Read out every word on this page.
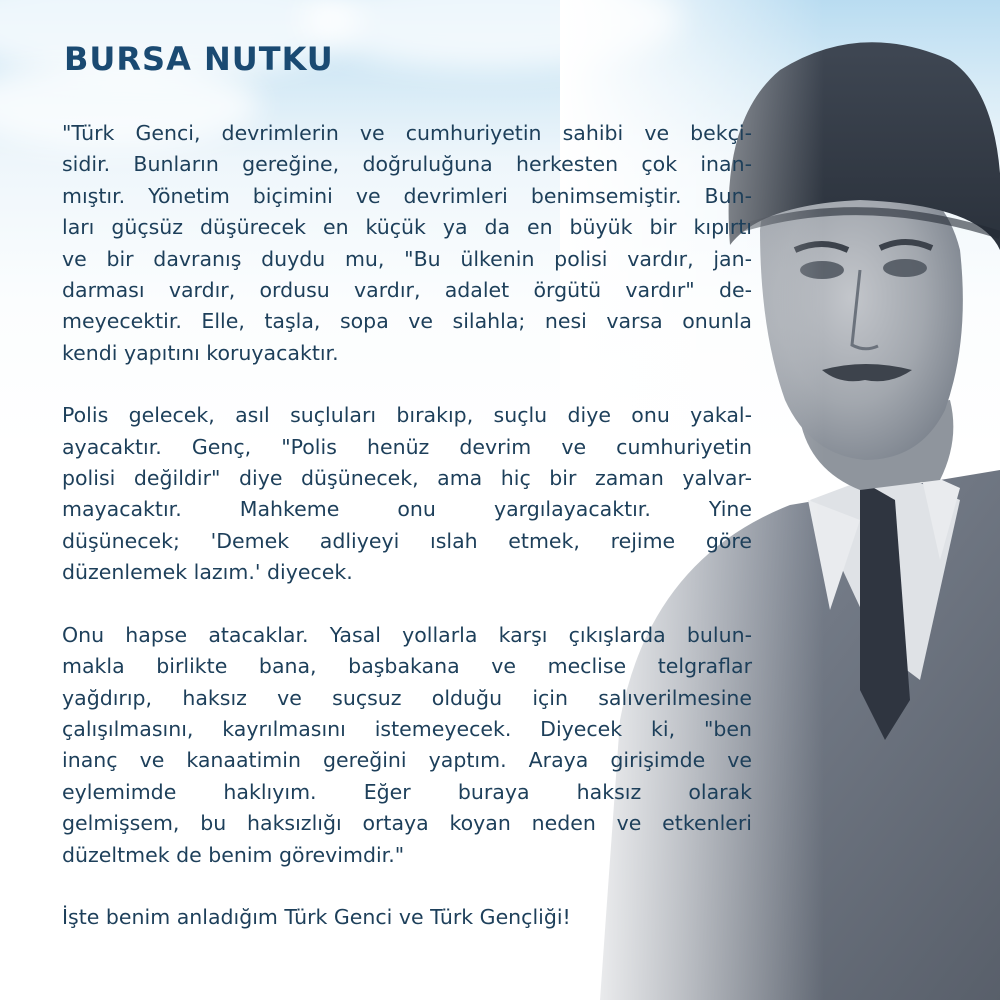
BURSA NUTKU

"Türk Genci, devrimlerin ve cumhuriyetin sahibi ve bekçi-
sidir. Bunların gereğine, doğruluğuna herkesten çok inan-
mıştır. Yönetim biçimini ve devrimleri benimsemiştir. Bun-
ları güçsüz düşürecek en küçük ya da en büyük bir kıpırtı
ve bir davranış duydu mu, "Bu ülkenin polisi vardır, jan-
darması vardır, ordusu vardır, adalet örgütü vardır" de-
meyecektir. Elle, taşla, sopa ve silahla; nesi varsa onunla
kendi yapıtını koruyacaktır.

Polis gelecek, asıl suçluları bırakıp, suçlu diye onu yakal-
ayacaktır. Genç, "Polis henüz devrim ve cumhuriyetin
polisi değildir" diye düşünecek, ama hiç bir zaman yalvar-
mayacaktır. Mahkeme onu yargılayacaktır. Yine
düşünecek; 'Demek adliyeyi ıslah etmek, rejime göre
düzenlemek lazım.' diyecek.

Onu hapse atacaklar. Yasal yollarla karşı çıkışlarda bulun-
makla birlikte bana, başbakana ve meclise telgraflar
yağdırıp, haksız ve suçsuz olduğu için salıverilmesine
çalışılmasını, kayrılmasını istemeyecek. Diyecek ki, "ben
inanç ve kanaatimin gereğini yaptım. Araya girişimde ve
eylemimde haklıyım. Eğer buraya haksız olarak
gelmişsem, bu haksızlığı ortaya koyan neden ve etkenleri
düzeltmek de benim görevimdir."

İşte benim anladığım Türk Genci ve Türk Gençliği!
